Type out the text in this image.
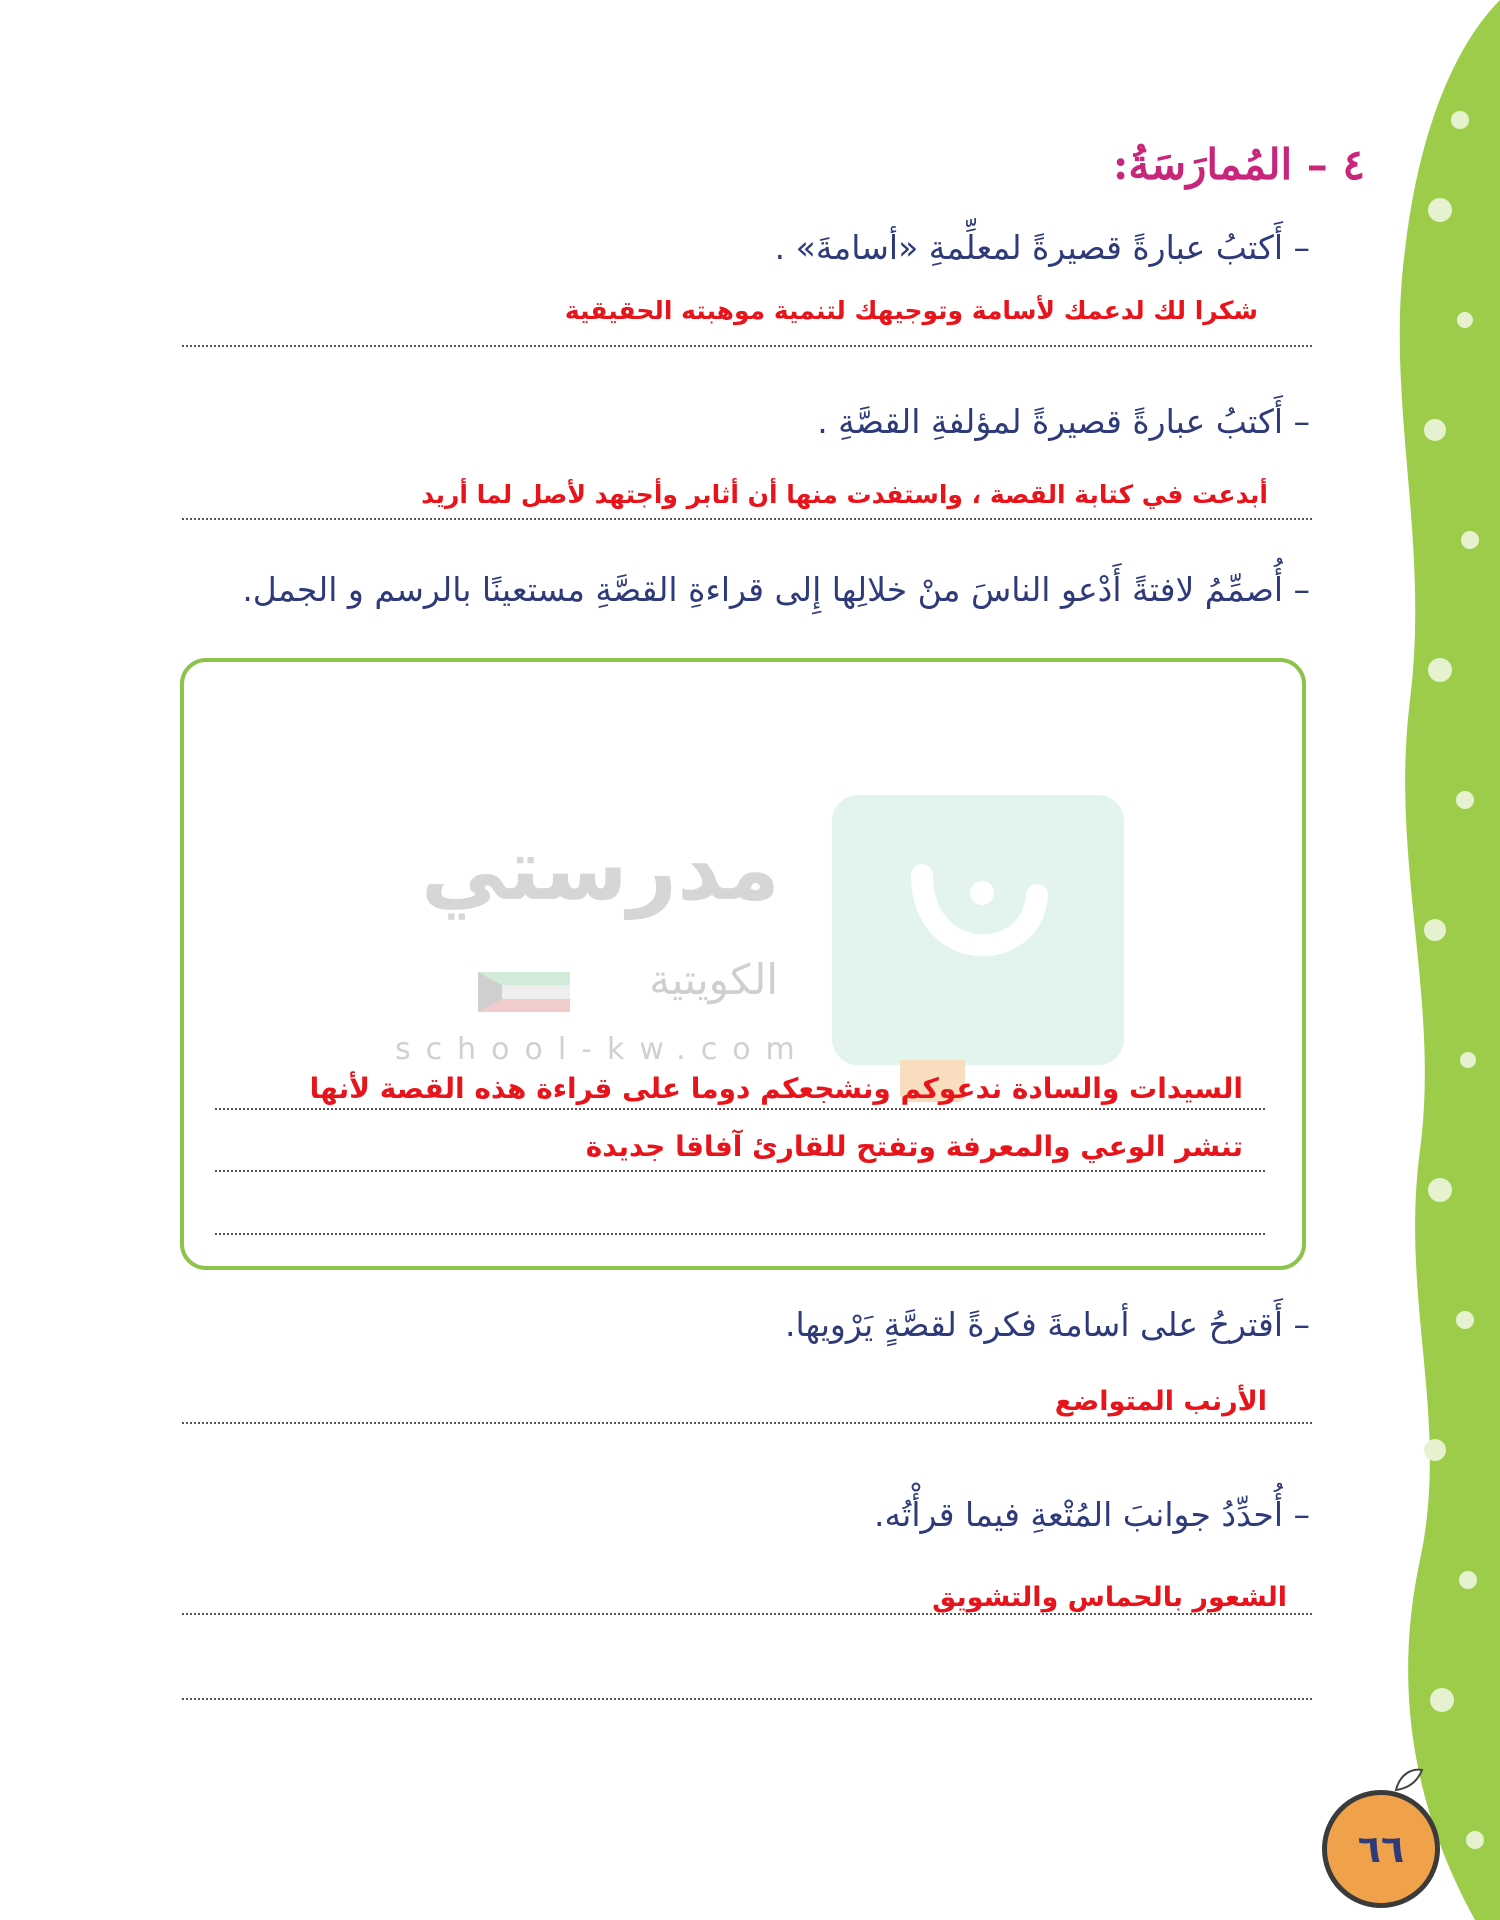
٤ – المُمارَسَةُ:
– أَكتبُ عبارةً قصيرةً لمعلِّمةِ «أسامةَ» .
شكرا لك لدعمك لأسامة وتوجيهك لتنمية موهبته الحقيقية
– أَكتبُ عبارةً قصيرةً لمؤلفةِ القصَّةِ .
أبدعت في كتابة القصة ، واستفدت منها أن أثابر وأجتهد لأصل لما أريد
– أُصمِّمُ لافتةً أَدْعو الناسَ منْ خلالِها إِلى قراءةِ القصَّةِ مستعينًا بالرسم و الجمل.
مدرستي
الكويتية
school-kw.com
السيدات والسادة ندعوكم ونشجعكم دوما على قراءة هذه القصة لأنها
تنشر الوعي والمعرفة وتفتح للقارئ آفاقا جديدة
– أَقترحُ على أسامةَ فكرةً لقصَّةٍ يَرْويها.
الأرنب المتواضع
– أُحدِّدُ جوانبَ المُتْعةِ فيما قرأْتُه.
الشعور بالحماس والتشويق
٦٦
